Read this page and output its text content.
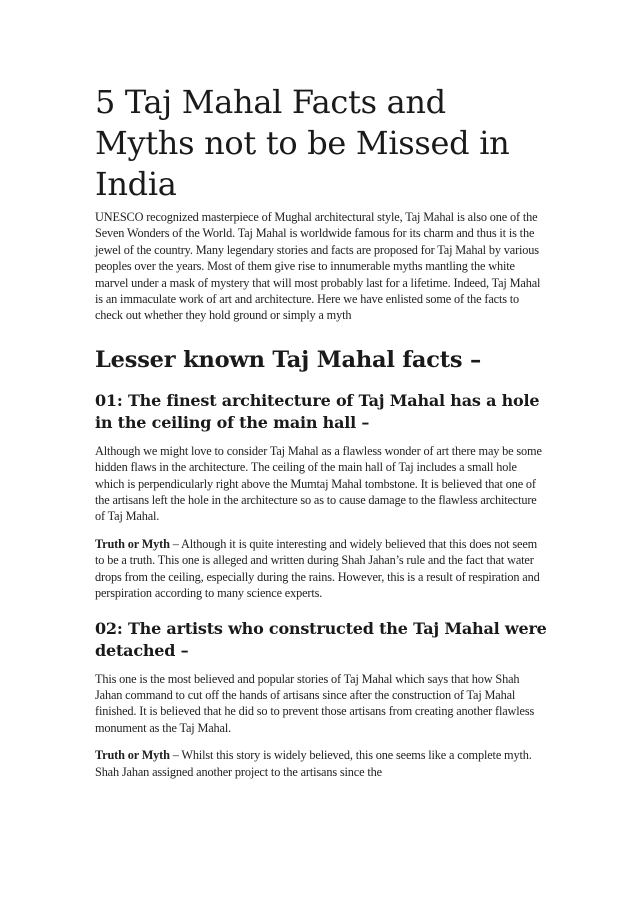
5 Taj Mahal Facts and Myths not to be Missed in India

UNESCO recognized masterpiece of Mughal architectural style, Taj Mahal is also one of the Seven Wonders of the World. Taj Mahal is worldwide famous for its charm and thus it is the jewel of the country. Many legendary stories and facts are proposed for Taj Mahal by various peoples over the years. Most of them give rise to innumerable myths mantling the white marvel under a mask of mystery that will most probably last for a lifetime. Indeed, Taj Mahal is an immaculate work of art and architecture. Here we have enlisted some of the facts to check out whether they hold ground or simply a myth

Lesser known Taj Mahal facts –
01: The finest architecture of Taj Mahal has a hole in the ceiling of the main hall –

Although we might love to consider Taj Mahal as a flawless wonder of art there may be some hidden flaws in the architecture. The ceiling of the main hall of Taj includes a small hole which is perpendicularly right above the Mumtaj Mahal tombstone. It is believed that one of the artisans left the hole in the architecture so as to cause damage to the flawless architecture of Taj Mahal.

Truth or Myth – Although it is quite interesting and widely believed that this does not seem to be a truth. This one is alleged and written during Shah Jahan’s rule and the fact that water drops from the ceiling, especially during the rains. However, this is a result of respiration and perspiration according to many science experts.

02: The artists who constructed the Taj Mahal were detached –

This one is the most believed and popular stories of Taj Mahal which says that how Shah Jahan command to cut off the hands of artisans since after the construction of Taj Mahal finished. It is believed that he did so to prevent those artisans from creating another flawless monument as the Taj Mahal.

Truth or Myth – Whilst this story is widely believed, this one seems like a complete myth. Shah Jahan assigned another project to the artisans since the
